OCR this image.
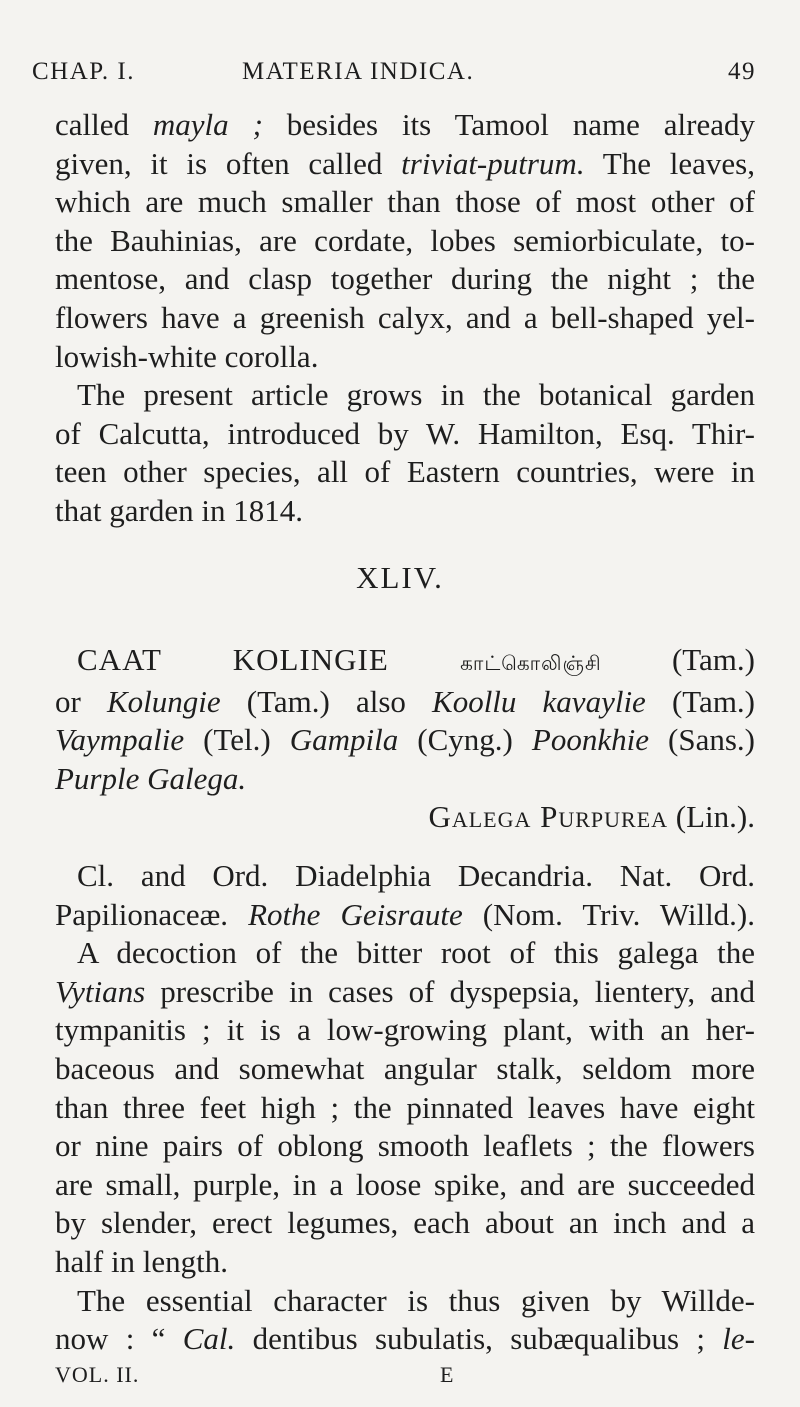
CHAP. I.	MATERIA INDICA.	49
called mayla ; besides its Tamool name already
given, it is often called triviat-putrum. The leaves,
which are much smaller than those of most other of
the Bauhinias, are cordate, lobes semiorbiculate, to-
mentose, and clasp together during the night ; the
flowers have a greenish calyx, and a bell-shaped yel-
lowish-white corolla.
The present article grows in the botanical garden
of Calcutta, introduced by W. Hamilton, Esq. Thir-
teen other species, all of Eastern countries, were in
that garden in 1814.
XLIV.
CAAT KOLINGIE காட்கொலிஞ்சி (Tam.)
or Kolungie (Tam.) also Koollu kavaylie (Tam.)
Vaympalie (Tel.) Gampila (Cyng.) Poonkhie (Sans.)
Purple Galega.
Galega Purpurea (Lin.).
Cl. and Ord. Diadelphia Decandria. Nat. Ord.
Papilionaceæ. Rothe Geisraute (Nom. Triv. Willd.).
A decoction of the bitter root of this galega the
Vytians prescribe in cases of dyspepsia, lientery, and
tympanitis ; it is a low-growing plant, with an her-
baceous and somewhat angular stalk, seldom more
than three feet high ; the pinnated leaves have eight
or nine pairs of oblong smooth leaflets ; the flowers
are small, purple, in a loose spike, and are succeeded
by slender, erect legumes, each about an inch and a
half in length.
The essential character is thus given by Willde-
now : “ Cal. dentibus subulatis, subæqualibus ; le-
VOL. II.	E
